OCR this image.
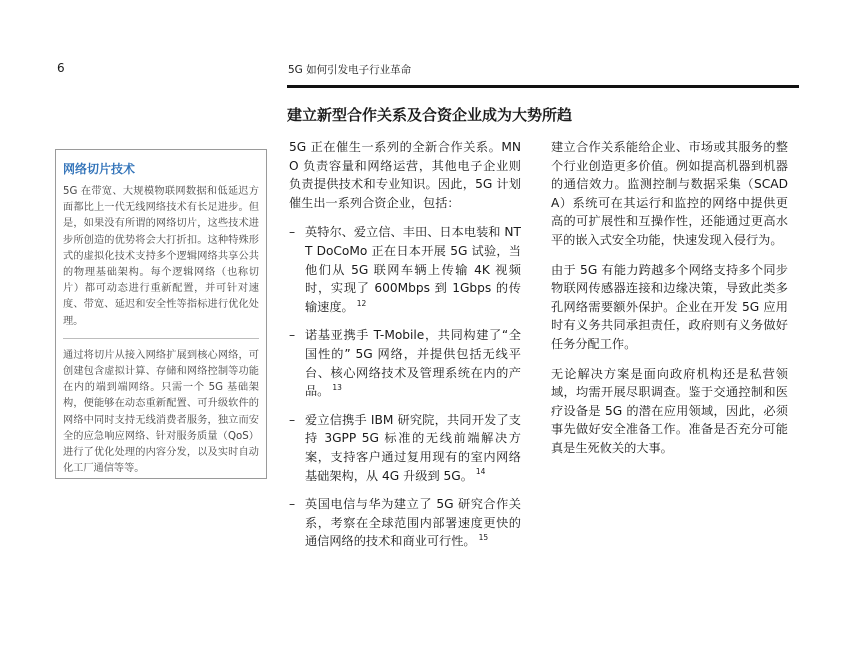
6	5G 如何引发电子行业革命
建立新型合作关系及合资企业成为大势所趋
网络切片技术

5G 在带宽、大规模物联网数据和低延迟方面都比上一代无线网络技术有长足进步。但是，如果没有所谓的网络切片，这些技术进步所创造的优势将会大打折扣。这种特殊形式的虚拟化技术支持多个逻辑网络共享公共的物理基础架构。每个逻辑网络（也称切片）都可动态进行重新配置，并可针对速度、带宽、延迟和安全性等指标进行优化处理。

通过将切片从接入网络扩展到核心网络，可创建包含虚拟计算、存储和网络控制等功能在内的端到端网络。只需一个 5G 基础架构，便能够在动态重新配置、可升级软件的网络中同时支持无线消费者服务，独立而安全的应急响应网络、针对服务质量（QoS）进行了优化处理的内容分发，以及实时自动化工厂通信等等。

5G 正在催生一系列的全新合作关系。MNO 负责容量和网络运营，其他电子企业则负责提供技术和专业知识。因此，5G 计划催生出一系列合资企业，包括：

– 英特尔、爱立信、丰田、日本电装和 NTT DoCoMo 正在日本开展 5G 试验，当他们从 5G 联网车辆上传输 4K 视频时，实现了 600Mbps 到 1Gbps 的传输速度。 $^{12}$
– 诺基亚携手 T-Mobile，共同构建了“全国性的” 5G 网络，并提供包括无线平台、核心网络技术及管理系统在内的产品。 $^{13}$
– 爱立信携手 IBM 研究院，共同开发了支持 3GPP 5G 标准的无线前端解决方案，支持客户通过复用现有的室内网络基础架构，从 4G 升级到 5G。 $^{14}$
– 英国电信与华为建立了 5G 研究合作关系，考察在全球范围内部署速度更快的通信网络的技术和商业可行性。 $^{15}$

建立合作关系能给企业、市场或其服务的整个行业创造更多价值。例如提高机器到机器的通信效力。监测控制与数据采集（SCADA）系统可在其运行和监控的网络中提供更高的可扩展性和互操作性，还能通过更高水平的嵌入式安全功能，快速发现入侵行为。

由于 5G 有能力跨越多个网络支持多个同步物联网传感器连接和边缘决策，导致此类多孔网络需要额外保护。企业在开发 5G 应用时有义务共同承担责任，政府则有义务做好任务分配工作。

无论解决方案是面向政府机构还是私营领域，均需开展尽职调查。鉴于交通控制和医疗设备是 5G 的潜在应用领域，因此，必须事先做好安全准备工作。准备是否充分可能真是生死攸关的大事。
